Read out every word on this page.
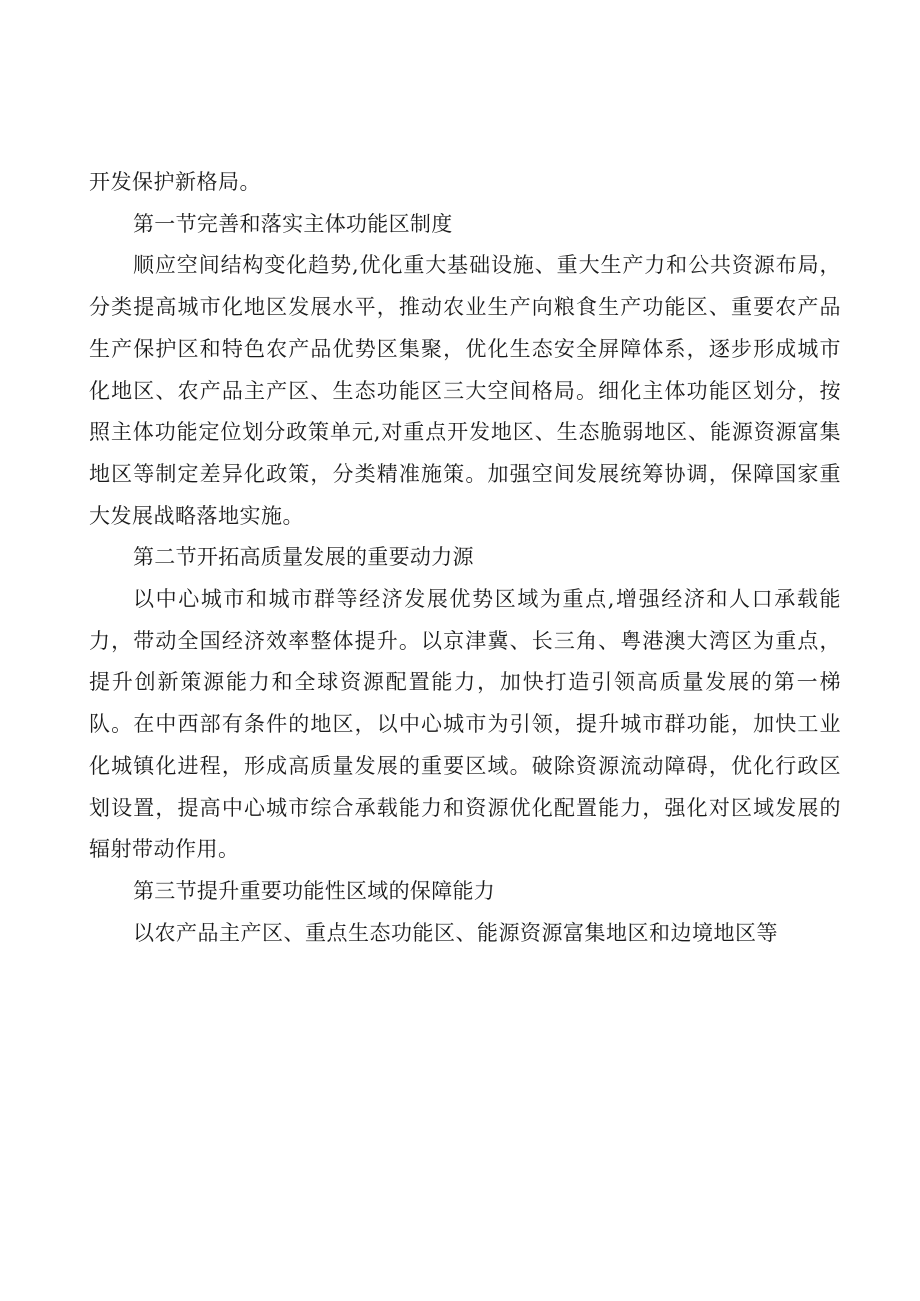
开发保护新格局。

第一节完善和落实主体功能区制度

顺应空间结构变化趋势,优化重大基础设施、重大生产力和公共资源布局，分类提高城市化地区发展水平，推动农业生产向粮食生产功能区、重要农产品生产保护区和特色农产品优势区集聚，优化生态安全屏障体系，逐步形成城市化地区、农产品主产区、生态功能区三大空间格局。细化主体功能区划分，按照主体功能定位划分政策单元,对重点开发地区、生态脆弱地区、能源资源富集地区等制定差异化政策，分类精准施策。加强空间发展统筹协调，保障国家重大发展战略落地实施。

第二节开拓高质量发展的重要动力源

以中心城市和城市群等经济发展优势区域为重点,增强经济和人口承载能力，带动全国经济效率整体提升。以京津冀、长三角、粤港澳大湾区为重点，提升创新策源能力和全球资源配置能力，加快打造引领高质量发展的第一梯队。在中西部有条件的地区，以中心城市为引领，提升城市群功能，加快工业化城镇化进程，形成高质量发展的重要区域。破除资源流动障碍，优化行政区划设置，提高中心城市综合承载能力和资源优化配置能力，强化对区域发展的辐射带动作用。

第三节提升重要功能性区域的保障能力

以农产品主产区、重点生态功能区、能源资源富集地区和边境地区等
